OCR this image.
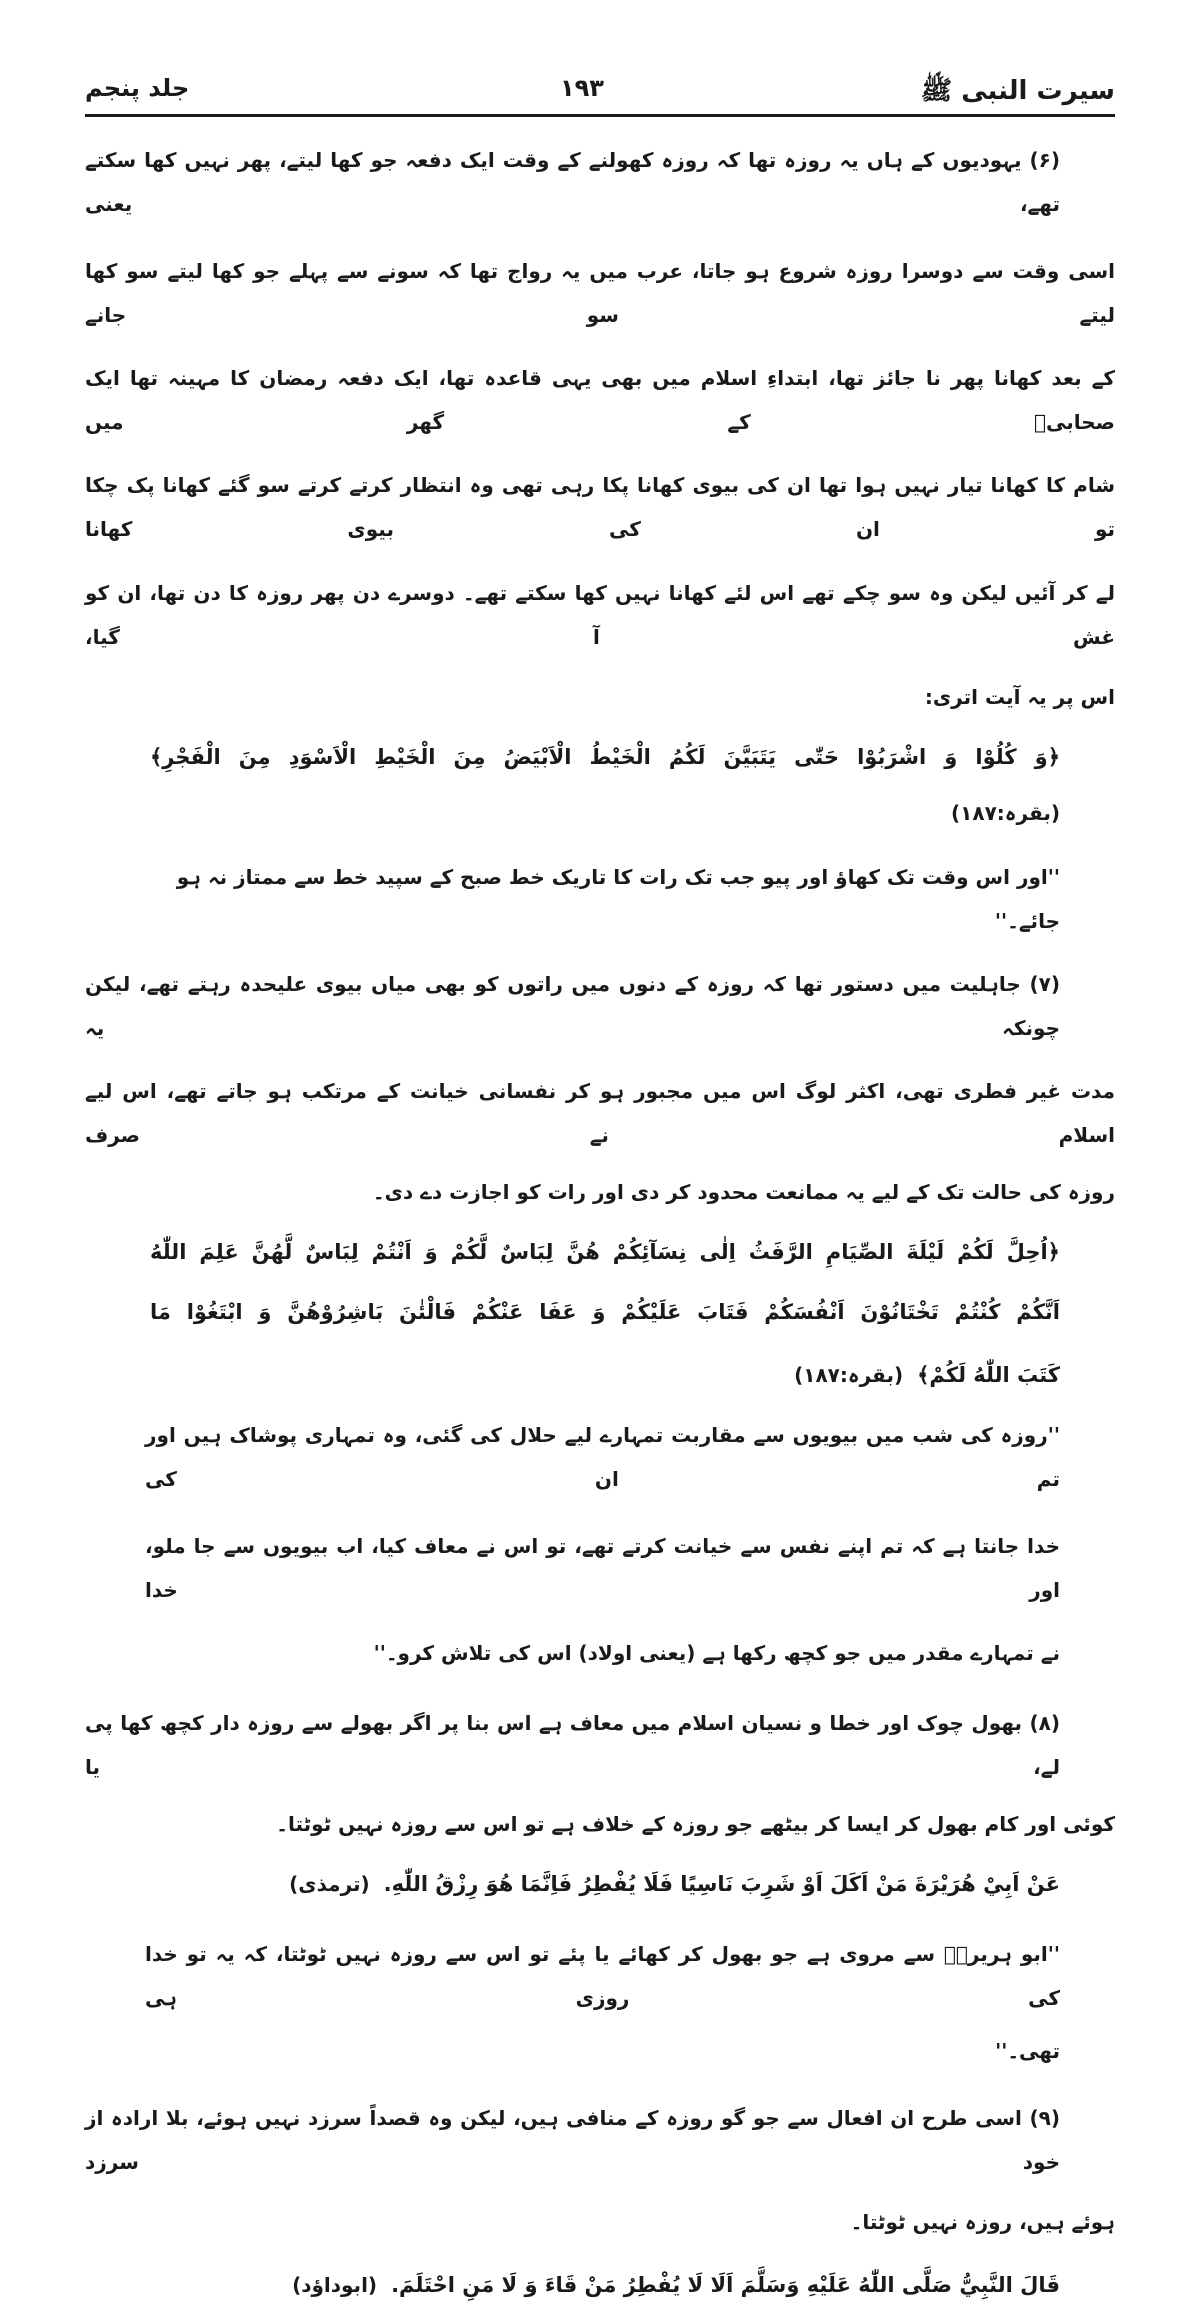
سیرت النبی ﷺ
۱۹۳
جلد پنجم
(۶) یہودیوں کے ہاں یہ روزہ تھا کہ روزہ کھولنے کے وقت ایک دفعہ جو کھا لیتے، پھر نہیں کھا سکتے تھے، یعنی
اسی وقت سے دوسرا روزہ شروع ہو جاتا، عرب میں یہ رواج تھا کہ سونے سے پہلے جو کھا لیتے سو کھا لیتے سو جانے
کے بعد کھانا پھر نا جائز تھا، ابتداءِ اسلام میں بھی یہی قاعدہ تھا، ایک دفعہ رمضان کا مہینہ تھا ایک صحابیؓ کے گھر میں
شام کا کھانا تیار نہیں ہوا تھا ان کی بیوی کھانا پکا رہی تھی وہ انتظار کرتے کرتے سو گئے کھانا پک چکا تو ان کی بیوی کھانا
لے کر آئیں لیکن وہ سو چکے تھے اس لئے کھانا نہیں کھا سکتے تھے۔ دوسرے دن پھر روزہ کا دن تھا، ان کو غش آ گیا،
اس پر یہ آیت اتری:
﴿وَ كُلُوْا وَ اشْرَبُوْا حَتّٰى يَتَبَيَّنَ لَكُمُ الْخَيْطُ الْاَبْيَضُ مِنَ الْخَيْطِ الْاَسْوَدِ مِنَ الْفَجْرِ﴾
(بقرہ:۱۸۷)
''اور اس وقت تک کھاؤ اور پیو جب تک رات کا تاریک خط صبح کے سپید خط سے ممتاز نہ ہو جائے۔''
(۷) جاہلیت میں دستور تھا کہ روزہ کے دنوں میں راتوں کو بھی میاں بیوی علیحدہ رہتے تھے، لیکن چونکہ یہ
مدت غیر فطری تھی، اکثر لوگ اس میں مجبور ہو کر نفسانی خیانت کے مرتکب ہو جاتے تھے، اس لیے اسلام نے صرف
روزہ کی حالت تک کے لیے یہ ممانعت محدود کر دی اور رات کو اجازت دے دی۔
﴿اُحِلَّ لَكُمْ لَيْلَةَ الصِّيَامِ الرَّفَثُ اِلٰى نِسَآئِكُمْ هُنَّ لِبَاسٌ لَّكُمْ وَ اَنْتُمْ لِبَاسٌ لَّهُنَّ عَلِمَ اللّٰهُ
اَنَّكُمْ كُنْتُمْ تَخْتَانُوْنَ اَنْفُسَكُمْ فَتَابَ عَلَيْكُمْ وَ عَفَا عَنْكُمْ فَالْئٰنَ بَاشِرُوْهُنَّ وَ ابْتَغُوْا مَا
كَتَبَ اللّٰهُ لَكُمْ﴾(بقرہ:۱۸۷)
''روزہ کی شب میں بیویوں سے مقاربت تمہارے لیے حلال کی گئی، وہ تمہاری پوشاک ہیں اور تم ان کی
خدا جانتا ہے کہ تم اپنے نفس سے خیانت کرتے تھے، تو اس نے معاف کیا، اب بیویوں سے جا ملو، اور خدا
نے تمہارے مقدر میں جو کچھ رکھا ہے (یعنی اولاد) اس کی تلاش کرو۔''
(۸) بھول چوک اور خطا و نسیان اسلام میں معاف ہے اس بنا پر اگر بھولے سے روزہ دار کچھ کھا پی لے، یا
کوئی اور کام بھول کر ایسا کر بیٹھے جو روزہ کے خلاف ہے تو اس سے روزہ نہیں ٹوٹتا۔
عَنْ اَبِيْ هُرَيْرَةَ مَنْ اَكَلَ اَوْ شَرِبَ نَاسِيًا فَلَا يُفْطِرُ فَاِنَّمَا هُوَ رِزْقُ اللّٰهِ.(ترمذی)
''ابو ہریرہؓ سے مروی ہے جو بھول کر کھائے یا پئے تو اس سے روزہ نہیں ٹوٹتا، کہ یہ تو خدا کی روزی ہی
تھی۔''
(۹) اسی طرح ان افعال سے جو گو روزہ کے منافی ہیں، لیکن وہ قصداً سرزد نہیں ہوئے، بلا ارادہ از خود سرزد
ہوئے ہیں، روزہ نہیں ٹوٹتا۔
قَالَ النَّبِيُّ صَلَّى اللّٰهُ عَلَيْهِ وَسَلَّمَ اَلَا لَا يُفْطِرُ مَنْ قَاءَ وَ لَا مَنِ احْتَلَمَ.(ابوداؤد)
